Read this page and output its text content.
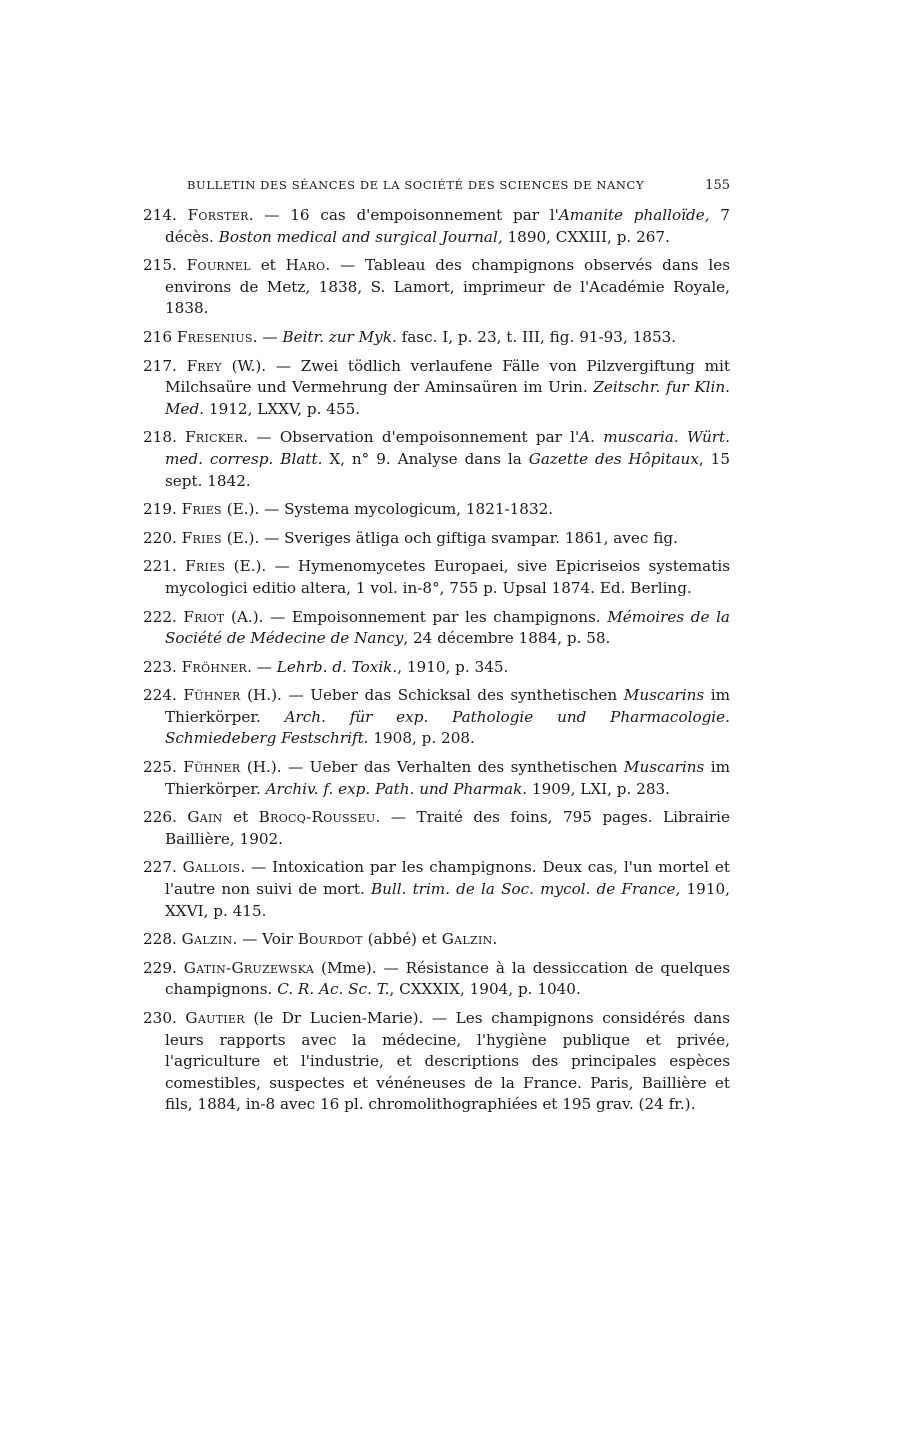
BULLETIN DES SÉANCES DE LA SOCIÉTÉ DES SCIENCES DE NANCY	155
214. Forster. — 16 cas d'empoisonnement par l'Amanite phalloïde, 7 décès. Boston medical and surgical Journal, 1890, CXXIII, p. 267.
215. Fournel et Haro. — Tableau des champignons observés dans les environs de Metz, 1838, S. Lamort, imprimeur de l'Académie Royale, 1838.
216 Fresenius. — Beitr. zur Myk. fasc. I, p. 23, t. III, fig. 91-93, 1853.
217. Frey (W.). — Zwei tödlich verlaufene Fälle von Pilzvergiftung mit Milchsaüre und Vermehrung der Aminsaüren im Urin. Zeitschr. fur Klin. Med. 1912, LXXV, p. 455.
218. Fricker. — Observation d'empoisonnement par l'A. muscaria. Würt. med. corresp. Blatt. X, n° 9. Analyse dans la Gazette des Hôpitaux, 15 sept. 1842.
219. Fries (E.). — Systema mycologicum, 1821-1832.
220. Fries (E.). — Sveriges ätliga och giftiga svampar. 1861, avec fig.
221. Fries (E.). — Hymenomycetes Europaei, sive Epicriseios systematis mycologici editio altera, 1 vol. in-8°, 755 p. Upsal 1874. Ed. Berling.
222. Friot (A.). — Empoisonnement par les champignons. Mémoires de la Société de Médecine de Nancy, 24 décembre 1884, p. 58.
223. Fröhner. — Lehrb. d. Toxik., 1910, p. 345.
224. Fühner (H.). — Ueber das Schicksal des synthetischen Muscarins im Thierkörper. Arch. für exp. Pathologie und Pharmacologie. Schmiedeberg Festschrift. 1908, p. 208.
225. Fühner (H.). — Ueber das Verhalten des synthetischen Muscarins im Thierkörper. Archiv. f. exp. Path. und Pharmak. 1909, LXI, p. 283.
226. Gain et Brocq-Rousseu. — Traité des foins, 795 pages. Librairie Baillière, 1902.
227. Gallois. — Intoxication par les champignons. Deux cas, l'un mortel et l'autre non suivi de mort. Bull. trim. de la Soc. mycol. de France, 1910, XXVI, p. 415.
228. Galzin. — Voir Bourdot (abbé) et Galzin.
229. Gatin-Gruzewska (Mme). — Résistance à la dessiccation de quelques champignons. C. R. Ac. Sc. T., CXXXIX, 1904, p. 1040.
230. Gautier (le Dr Lucien-Marie). — Les champignons considérés dans leurs rapports avec la médecine, l'hygiène publique et privée, l'agriculture et l'industrie, et descriptions des principales espèces comestibles, suspectes et vénéneuses de la France. Paris, Baillière et fils, 1884, in-8 avec 16 pl. chromolithographiées et 195 grav. (24 fr.).
